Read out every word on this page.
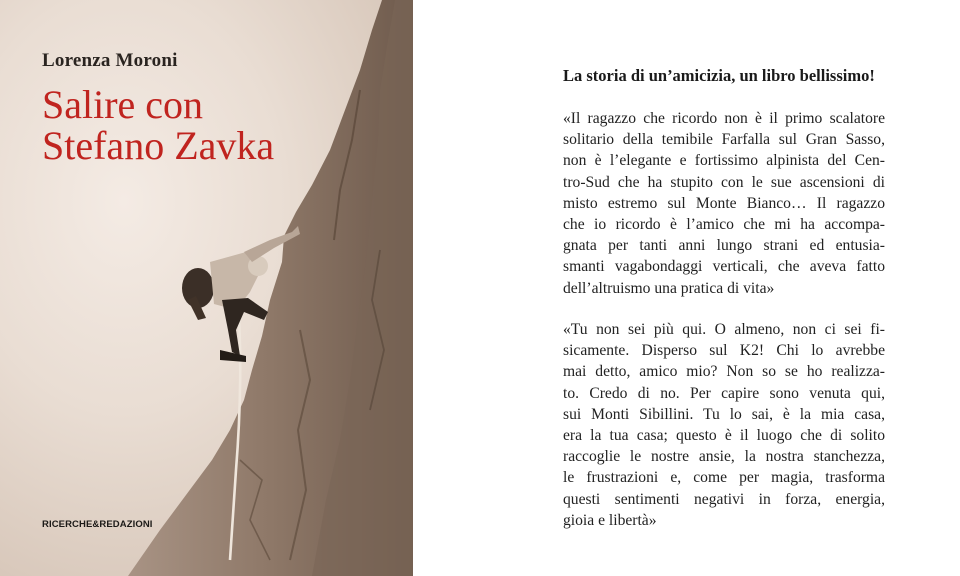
Lorenza Moroni
Salire con
Stefano Zavka
RICERCHE&REDAZIONI
La storia di un’amicizia, un libro bellissimo!
«Il ragazzo che ricordo non è il primo scalatore
solitario della temibile Farfalla sul Gran Sasso,
non è l’elegante e fortissimo alpinista del Cen-
tro-Sud che ha stupito con le sue ascensioni di
misto estremo sul Monte Bianco… Il ragazzo
che io ricordo è l’amico che mi ha accompa-
gnata per tanti anni lungo strani ed entusia-
smanti vagabondaggi verticali, che aveva fatto
dell’altruismo una pratica di vita»
«Tu non sei più qui. O almeno, non ci sei fi-
sicamente. Disperso sul K2! Chi lo avrebbe
mai detto, amico mio? Non so se ho realizza-
to. Credo di no. Per capire sono venuta qui,
sui Monti Sibillini. Tu lo sai, è la mia casa,
era la tua casa; questo è il luogo che di solito
raccoglie le nostre ansie, la nostra stanchezza,
le frustrazioni e, come per magia, trasforma
questi sentimenti negativi in forza, energia,
gioia e libertà»
